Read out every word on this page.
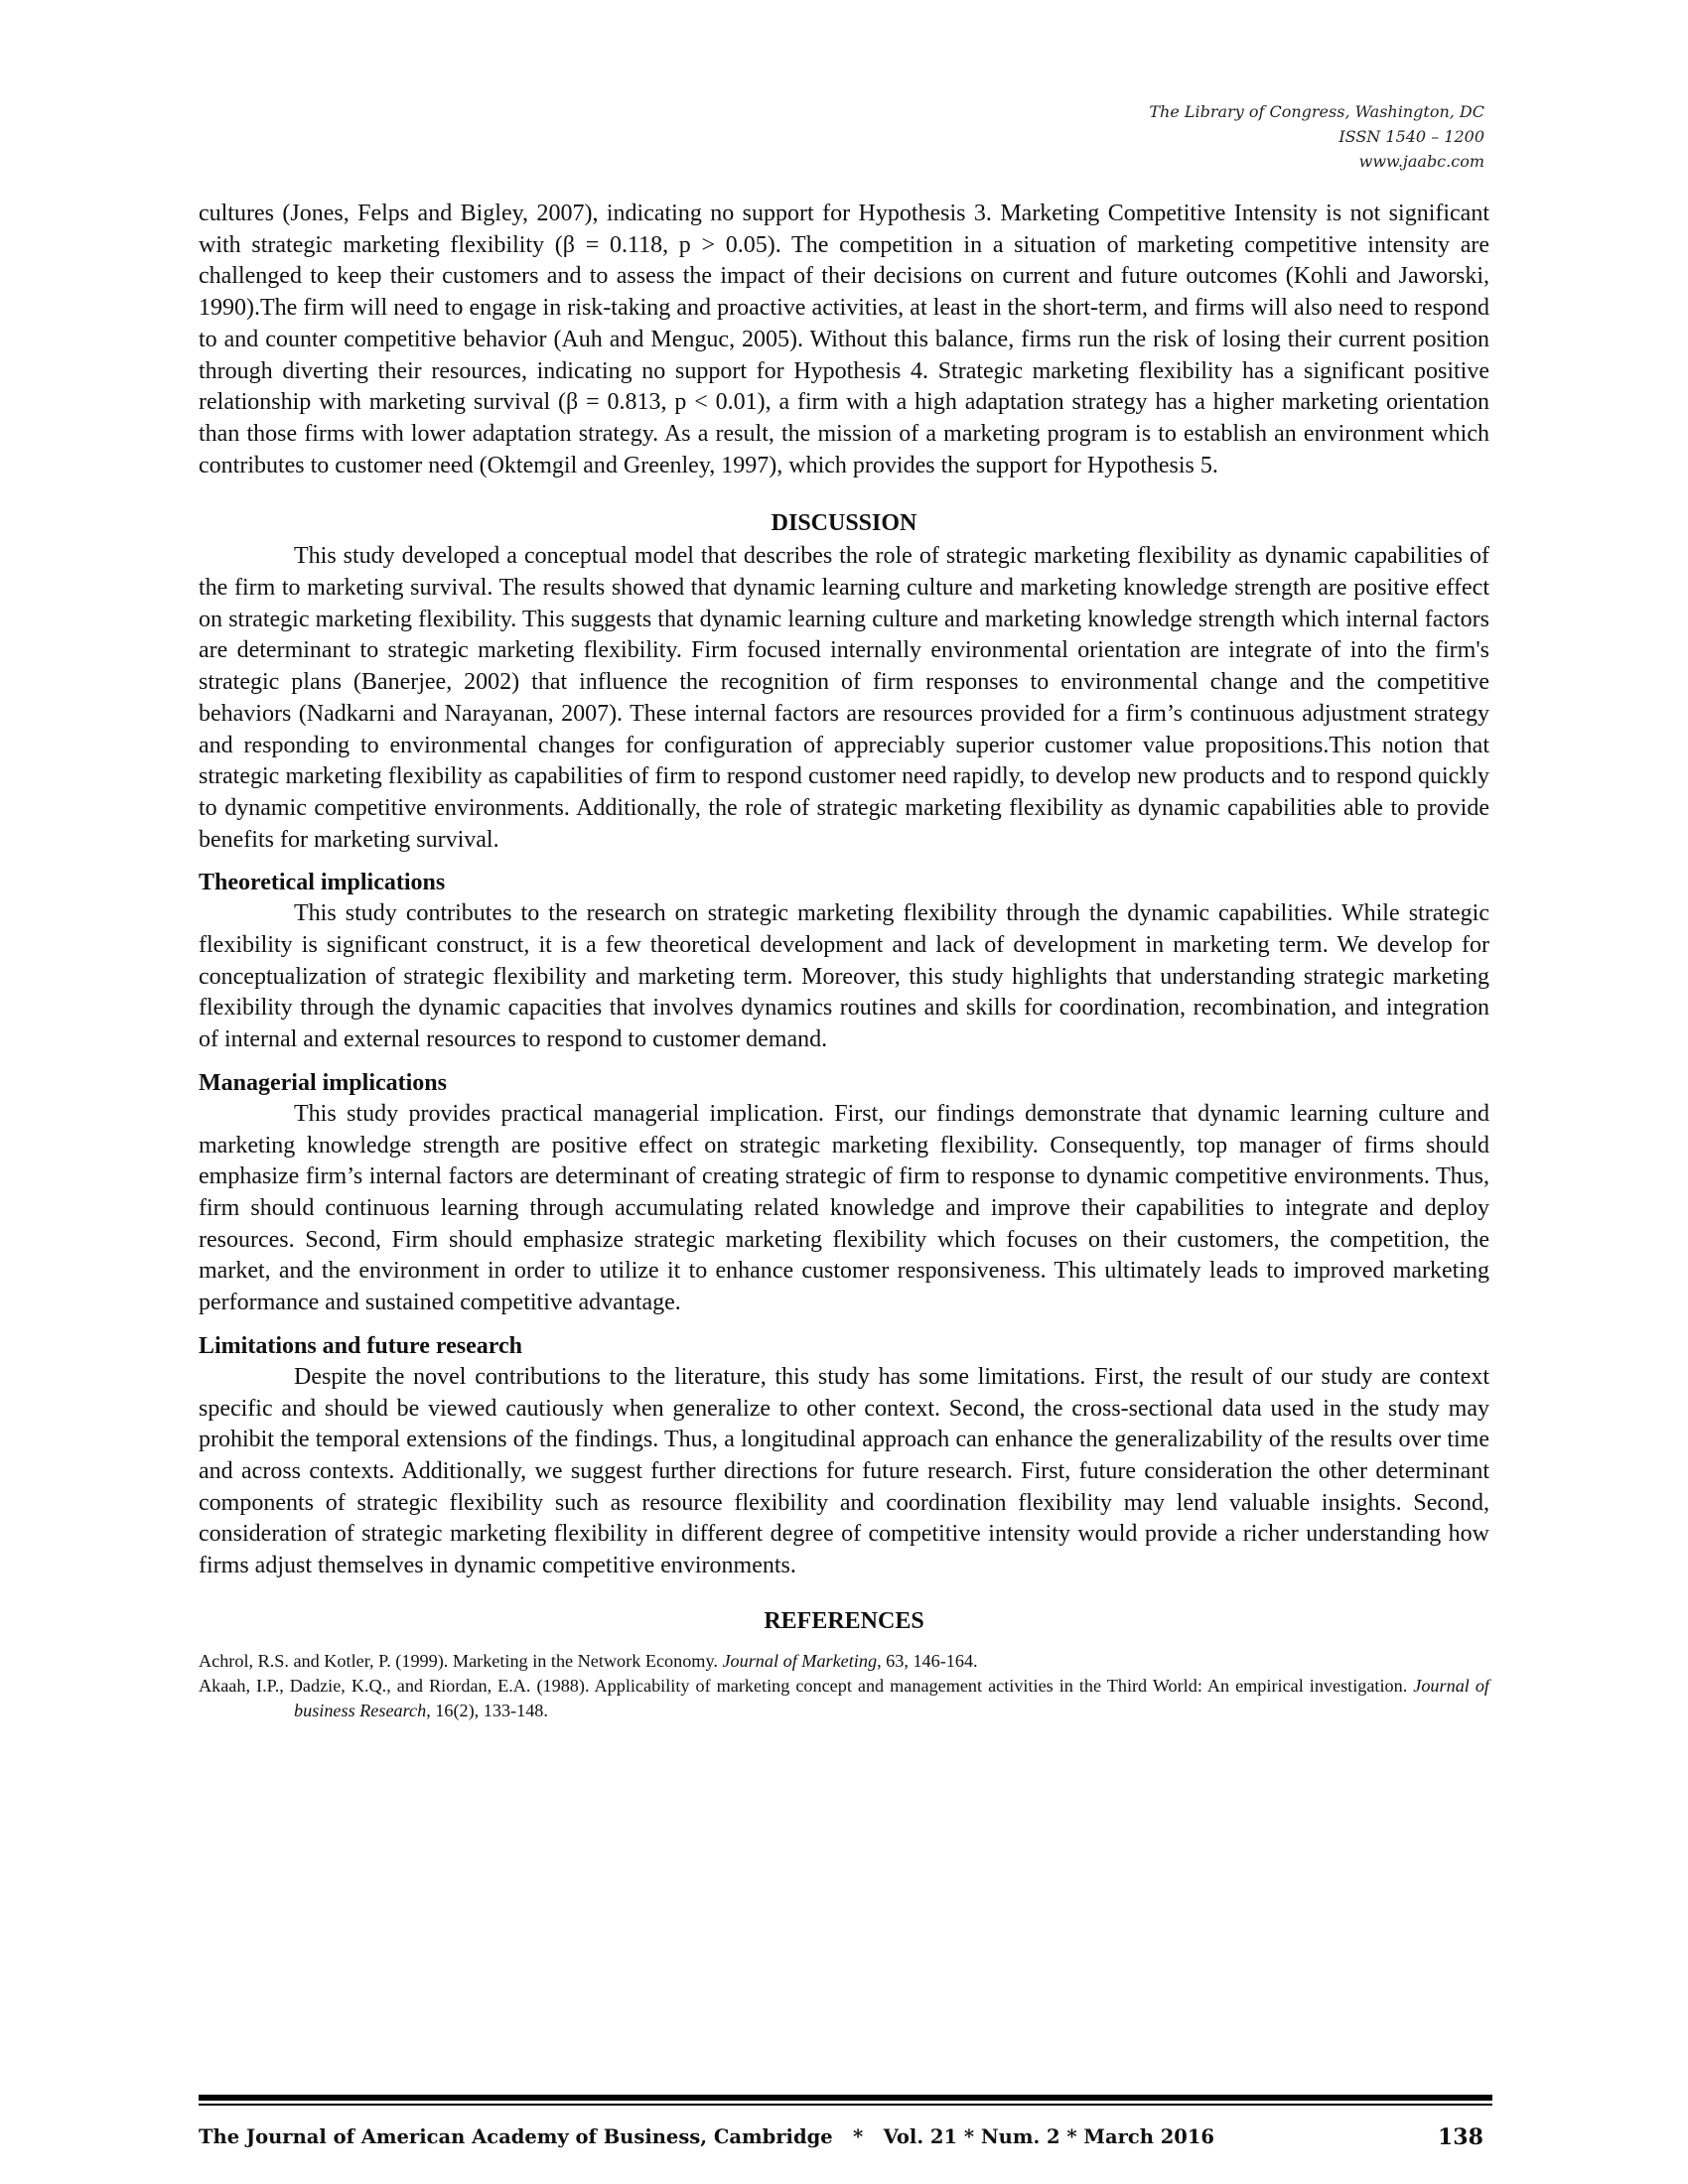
The Library of Congress, Washington, DC
ISSN 1540 – 1200
www.jaabc.com

cultures (Jones, Felps and Bigley, 2007), indicating no support for Hypothesis 3. Marketing Competitive Intensity is not significant with strategic marketing flexibility (β = 0.118, p > 0.05). The competition in a situation of marketing competitive intensity are challenged to keep their customers and to assess the impact of their decisions on current and future outcomes (Kohli and Jaworski, 1990).The firm will need to engage in risk-taking and proactive activities, at least in the short-term, and firms will also need to respond to and counter competitive behavior (Auh and Menguc, 2005). Without this balance, firms run the risk of losing their current position through diverting their resources, indicating no support for Hypothesis 4. Strategic marketing flexibility has a significant positive relationship with marketing survival (β = 0.813, p < 0.01), a firm with a high adaptation strategy has a higher marketing orientation than those firms with lower adaptation strategy. As a result, the mission of a marketing program is to establish an environment which contributes to customer need (Oktemgil and Greenley, 1997), which provides the support for Hypothesis 5.

DISCUSSION

This study developed a conceptual model that describes the role of strategic marketing flexibility as dynamic capabilities of the firm to marketing survival. The results showed that dynamic learning culture and marketing knowledge strength are positive effect on strategic marketing flexibility. This suggests that dynamic learning culture and marketing knowledge strength which internal factors are determinant to strategic marketing flexibility. Firm focused internally environmental orientation are integrate of into the firm's strategic plans (Banerjee, 2002) that influence the recognition of firm responses to environmental change and the competitive behaviors (Nadkarni and Narayanan, 2007). These internal factors are resources provided for a firm’s continuous adjustment strategy and responding to environmental changes for configuration of appreciably superior customer value propositions.This notion that strategic marketing flexibility as capabilities of firm to respond customer need rapidly, to develop new products and to respond quickly to dynamic competitive environments. Additionally, the role of strategic marketing flexibility as dynamic capabilities able to provide benefits for marketing survival.

Theoretical implications

This study contributes to the research on strategic marketing flexibility through the dynamic capabilities. While strategic flexibility is significant construct, it is a few theoretical development and lack of development in marketing term. We develop for conceptualization of strategic flexibility and marketing term. Moreover, this study highlights that understanding strategic marketing flexibility through the dynamic capacities that involves dynamics routines and skills for coordination, recombination, and integration of internal and external resources to respond to customer demand.

Managerial implications

This study provides practical managerial implication. First, our findings demonstrate that dynamic learning culture and marketing knowledge strength are positive effect on strategic marketing flexibility. Consequently, top manager of firms should emphasize firm’s internal factors are determinant of creating strategic of firm to response to dynamic competitive environments. Thus, firm should continuous learning through accumulating related knowledge and improve their capabilities to integrate and deploy resources. Second, Firm should emphasize strategic marketing flexibility which focuses on their customers, the competition, the market, and the environment in order to utilize it to enhance customer responsiveness. This ultimately leads to improved marketing performance and sustained competitive advantage.

Limitations and future research

Despite the novel contributions to the literature, this study has some limitations. First, the result of our study are context specific and should be viewed cautiously when generalize to other context. Second, the cross-sectional data used in the study may prohibit the temporal extensions of the findings. Thus, a longitudinal approach can enhance the generalizability of the results over time and across contexts. Additionally, we suggest further directions for future research. First, future consideration the other determinant components of strategic flexibility such as resource flexibility and coordination flexibility may lend valuable insights. Second, consideration of strategic marketing flexibility in different degree of competitive intensity would provide a richer understanding how firms adjust themselves in dynamic competitive environments.

REFERENCES

Achrol, R.S. and Kotler, P. (1999). Marketing in the Network Economy. Journal of Marketing, 63, 146-164.

Akaah, I.P., Dadzie, K.Q., and Riordan, E.A. (1988). Applicability of marketing concept and management activities in the Third World: An empirical investigation. Journal of business Research, 16(2), 133-148.

The Journal of American Academy of Business, Cambridge   *   Vol. 21 * Num. 2 * March 2016	138
